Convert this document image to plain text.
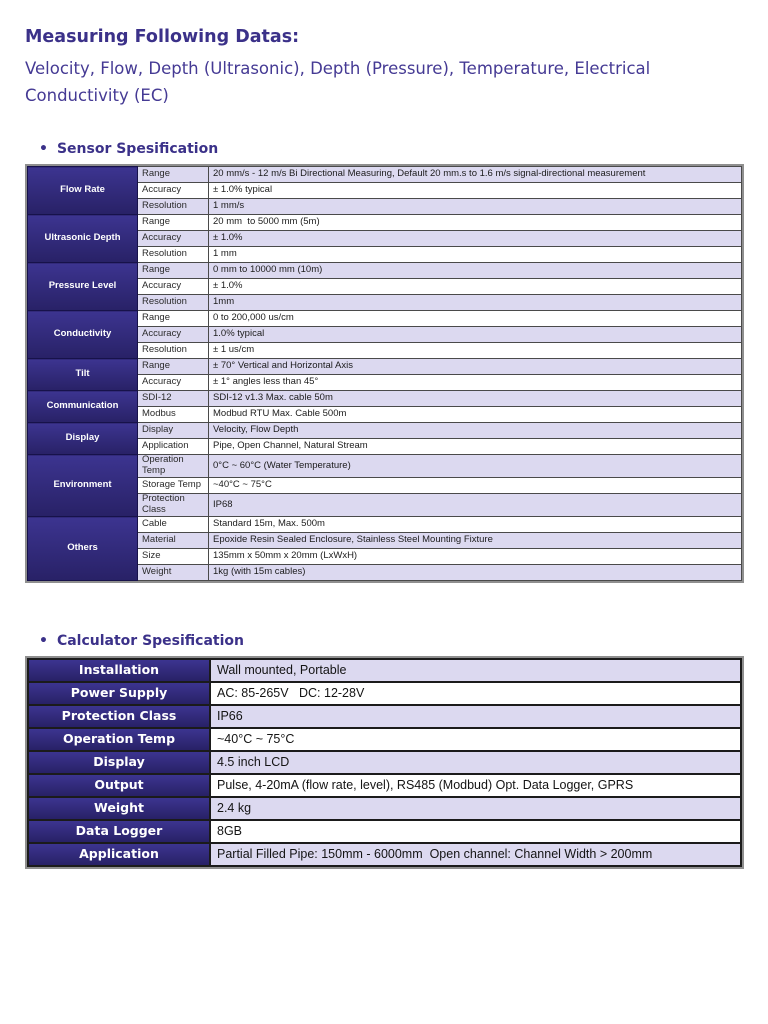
Measuring Following Datas:
Velocity, Flow, Depth (Ultrasonic), Depth (Pressure), Temperature, Electrical Conductivity (EC)
• Sensor Spesification
Flow Rate	Range	20 mm/s - 12 m/s Bi Directional Measuring, Default 20 mm.s to 1.6 m/s signal-directional measurement
	Accuracy	± 1.0% typical
	Resolution	1 mm/s
Ultrasonic Depth	Range	20 mm  to 5000 mm (5m)
	Accuracy	± 1.0%
	Resolution	1 mm
Pressure Level	Range	0 mm to 10000 mm (10m)
	Accuracy	± 1.0%
	Resolution	1mm
Conductivity	Range	0 to 200,000 us/cm
	Accuracy	1.0% typical
	Resolution	± 1 us/cm
Tilt	Range	± 70° Vertical and Horizontal Axis
	Accuracy	± 1° angles less than 45°
Communication	SDI-12	SDI-12 v1.3 Max. cable 50m
	Modbus	Modbud RTU Max. Cable 500m
Display	Display	Velocity, Flow Depth
	Application	Pipe, Open Channel, Natural Stream
Environment	Operation Temp	0°C ~ 60°C (Water Temperature)
	Storage Temp	~40°C ~ 75°C
	Protection Class	IP68
Others	Cable	Standard 15m, Max. 500m
	Material	Epoxide Resin Sealed Enclosure, Stainless Steel Mounting Fixture
	Size	135mm x 50mm x 20mm (LxWxH)
	Weight	1kg (with 15m cables)
• Calculator Spesification
Installation	Wall mounted, Portable
Power Supply	AC: 85-265V   DC: 12-28V
Protection Class	IP66
Operation Temp	~40°C ~ 75°C
Display	4.5 inch LCD
Output	Pulse, 4-20mA (flow rate, level), RS485 (Modbud) Opt. Data Logger, GPRS
Weight	2.4 kg
Data Logger	8GB
Application	Partial Filled Pipe: 150mm - 6000mm  Open channel: Channel Width > 200mm
